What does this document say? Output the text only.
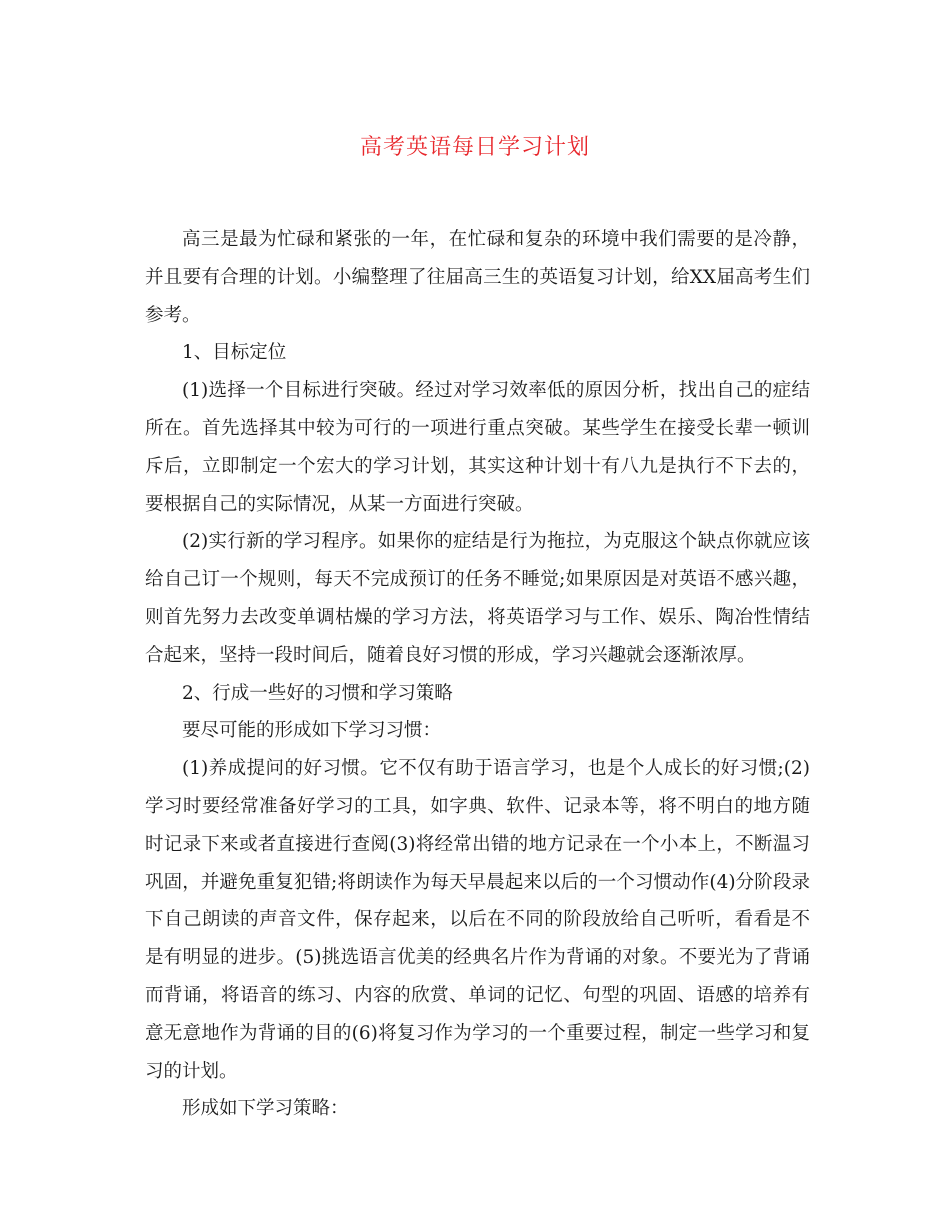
高考英语每日学习计划

高三是最为忙碌和紧张的一年，在忙碌和复杂的环境中我们需要的是冷静，并且要有合理的计划。小编整理了往届高三生的英语复习计划，给XX届高考生们参考。

1、目标定位

(1)选择一个目标进行突破。经过对学习效率低的原因分析，找出自己的症结所在。首先选择其中较为可行的一项进行重点突破。某些学生在接受长辈一顿训斥后，立即制定一个宏大的学习计划，其实这种计划十有八九是执行不下去的，要根据自己的实际情况，从某一方面进行突破。

(2)实行新的学习程序。如果你的症结是行为拖拉，为克服这个缺点你就应该给自己订一个规则，每天不完成预订的任务不睡觉;如果原因是对英语不感兴趣，则首先努力去改变单调枯燥的学习方法，将英语学习与工作、娱乐、陶冶性情结合起来，坚持一段时间后，随着良好习惯的形成，学习兴趣就会逐渐浓厚。

2、行成一些好的习惯和学习策略

要尽可能的形成如下学习习惯：

(1)养成提问的好习惯。它不仅有助于语言学习，也是个人成长的好习惯;(2)学习时要经常准备好学习的工具，如字典、软件、记录本等，将不明白的地方随时记录下来或者直接进行查阅(3)将经常出错的地方记录在一个小本上，不断温习巩固，并避免重复犯错;将朗读作为每天早晨起来以后的一个习惯动作(4)分阶段录下自己朗读的声音文件，保存起来，以后在不同的阶段放给自己听听，看看是不是有明显的进步。(5)挑选语言优美的经典名片作为背诵的对象。不要光为了背诵而背诵，将语音的练习、内容的欣赏、单词的记忆、句型的巩固、语感的培养有意无意地作为背诵的目的(6)将复习作为学习的一个重要过程，制定一些学习和复习的计划。

形成如下学习策略：
